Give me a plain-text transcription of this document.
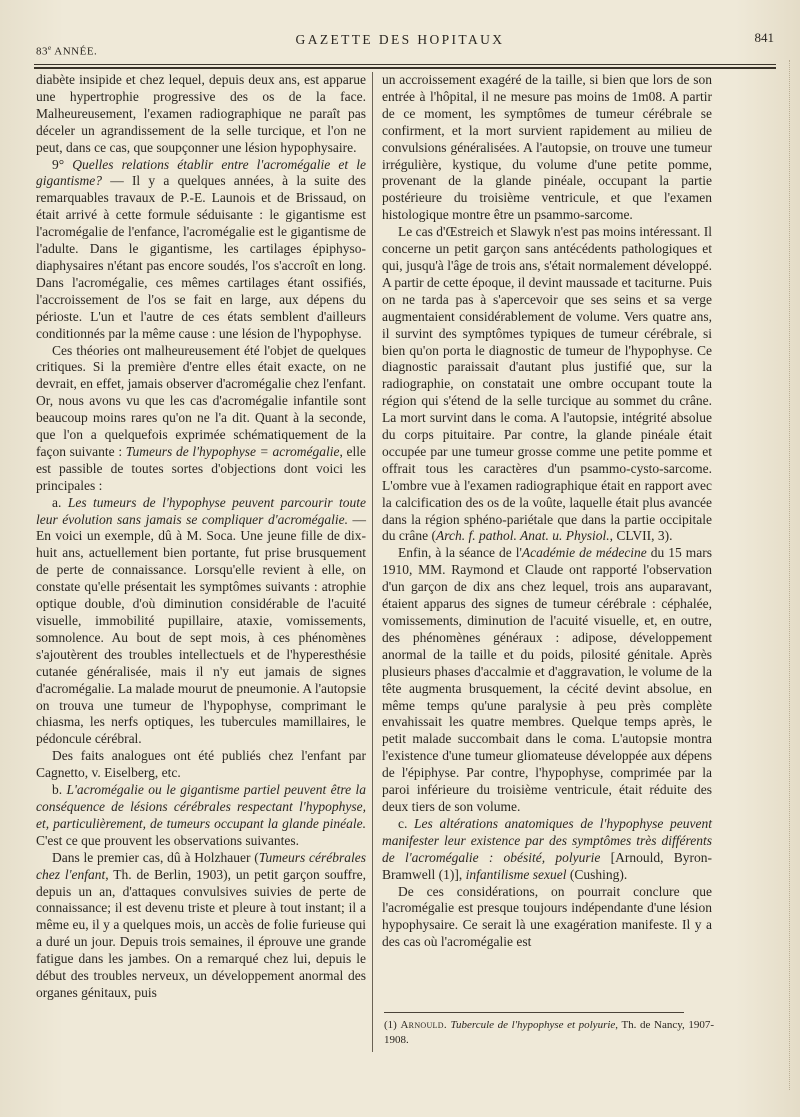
83e ANNÉE.
GAZETTE DES HOPITAUX	841

diabète insipide et chez lequel, depuis deux ans, est apparue une hypertrophie progressive des os de la face. Malheureusement, l'examen radiographique ne paraît pas déceler un agrandissement de la selle turcique, et l'on ne peut, dans ce cas, que soupçonner une lésion hypophysaire.

9° Quelles relations établir entre l'acromégalie et le gigantisme? — Il y a quelques années, à la suite des remarquables travaux de P.-E. Launois et de Brissaud, on était arrivé à cette formule séduisante : le gigantisme est l'acromégalie de l'enfance, l'acromégalie est le gigantisme de l'adulte. Dans le gigantisme, les cartilages épiphyso-diaphysaires n'étant pas encore soudés, l'os s'accroît en long. Dans l'acromégalie, ces mêmes cartilages étant ossifiés, l'accroissement de l'os se fait en large, aux dépens du périoste. L'un et l'autre de ces états semblent d'ailleurs conditionnés par la même cause : une lésion de l'hypophyse.

Ces théories ont malheureusement été l'objet de quelques critiques. Si la première d'entre elles était exacte, on ne devrait, en effet, jamais observer d'acromégalie chez l'enfant. Or, nous avons vu que les cas d'acromégalie infantile sont beaucoup moins rares qu'on ne l'a dit. Quant à la seconde, que l'on a quelquefois exprimée schématiquement de la façon suivante : Tumeurs de l'hypophyse = acromégalie, elle est passible de toutes sortes d'objections dont voici les principales :

a. Les tumeurs de l'hypophyse peuvent parcourir toute leur évolution sans jamais se compliquer d'acromégalie. — En voici un exemple, dû à M. Soca. Une jeune fille de dix-huit ans, actuellement bien portante, fut prise brusquement de perte de connaissance. Lorsqu'elle revient à elle, on constate qu'elle présentait les symptômes suivants : atrophie optique double, d'où diminution considérable de l'acuité visuelle, immobilité pupillaire, ataxie, vomissements, somnolence. Au bout de sept mois, à ces phénomènes s'ajoutèrent des troubles intellectuels et de l'hyperesthésie cutanée généralisée, mais il n'y eut jamais de signes d'acromégalie. La malade mourut de pneumonie. A l'autopsie on trouva une tumeur de l'hypophyse, comprimant le chiasma, les nerfs optiques, les tubercules mamillaires, le pédoncule cérébral.

Des faits analogues ont été publiés chez l'enfant par Cagnetto, v. Eiselberg, etc.

b. L'acromégalie ou le gigantisme partiel peuvent être la conséquence de lésions cérébrales respectant l'hypophyse, et, particulièrement, de tumeurs occupant la glande pinéale. C'est ce que prouvent les observations suivantes.

Dans le premier cas, dû à Holzhauer (Tumeurs cérébrales chez l'enfant, Th. de Berlin, 1903), un petit garçon souffre, depuis un an, d'attaques convulsives suivies de perte de connaissance; il est devenu triste et pleure à tout instant; il a même eu, il y a quelques mois, un accès de folie furieuse qui a duré un jour. Depuis trois semaines, il éprouve une grande fatigue dans les jambes. On a remarqué chez lui, depuis le début des troubles nerveux, un développement anormal des organes génitaux, puis

un accroissement exagéré de la taille, si bien que lors de son entrée à l'hôpital, il ne mesure pas moins de 1m08. A partir de ce moment, les symptômes de tumeur cérébrale se confirment, et la mort survient rapidement au milieu de convulsions généralisées. A l'autopsie, on trouve une tumeur irrégulière, kystique, du volume d'une petite pomme, provenant de la glande pinéale, occupant la partie postérieure du troisième ventricule, et que l'examen histologique montre être un psammo-sarcome.

Le cas d'Œstreich et Slawyk n'est pas moins intéressant. Il concerne un petit garçon sans antécédents pathologiques et qui, jusqu'à l'âge de trois ans, s'était normalement développé. A partir de cette époque, il devint maussade et taciturne. Puis on ne tarda pas à s'apercevoir que ses seins et sa verge augmentaient considérablement de volume. Vers quatre ans, il survint des symptômes typiques de tumeur cérébrale, si bien qu'on porta le diagnostic de tumeur de l'hypophyse. Ce diagnostic paraissait d'autant plus justifié que, sur la radiographie, on constatait une ombre occupant toute la région qui s'étend de la selle turcique au sommet du crâne. La mort survint dans le coma. A l'autopsie, intégrité absolue du corps pituitaire. Par contre, la glande pinéale était occupée par une tumeur grosse comme une petite pomme et offrait tous les caractères d'un psammo-cysto-sarcome. L'ombre vue à l'examen radiographique était en rapport avec la calcification des os de la voûte, laquelle était plus avancée dans la région sphéno-pariétale que dans la partie occipitale du crâne (Arch. f. pathol. Anat. u. Physiol., CLVII, 3).

Enfin, à la séance de l'Académie de médecine du 15 mars 1910, MM. Raymond et Claude ont rapporté l'observation d'un garçon de dix ans chez lequel, trois ans auparavant, étaient apparus des signes de tumeur cérébrale : céphalée, vomissements, diminution de l'acuité visuelle, et, en outre, des phénomènes généraux : adipose, développement anormal de la taille et du poids, pilosité génitale. Après plusieurs phases d'accalmie et d'aggravation, le volume de la tête augmenta brusquement, la cécité devint absolue, en même temps qu'une paralysie à peu près complète envahissait les quatre membres. Quelque temps après, le petit malade succombait dans le coma. L'autopsie montra l'existence d'une tumeur gliomateuse développée aux dépens de l'épiphyse. Par contre, l'hypophyse, comprimée par la paroi inférieure du troisième ventricule, était réduite des deux tiers de son volume.

c. Les altérations anatomiques de l'hypophyse peuvent manifester leur existence par des symptômes très différents de l'acromégalie : obésité, polyurie [Arnould, Byron-Bramwell (1)], infantilisme sexuel (Cushing).

De ces considérations, on pourrait conclure que l'acromégalie est presque toujours indépendante d'une lésion hypophysaire. Ce serait là une exagération manifeste. Il y a des cas où l'acromégalie est

(1) Arnould. Tubercule de l'hypophyse et polyurie, Th. de Nancy, 1907-1908.
